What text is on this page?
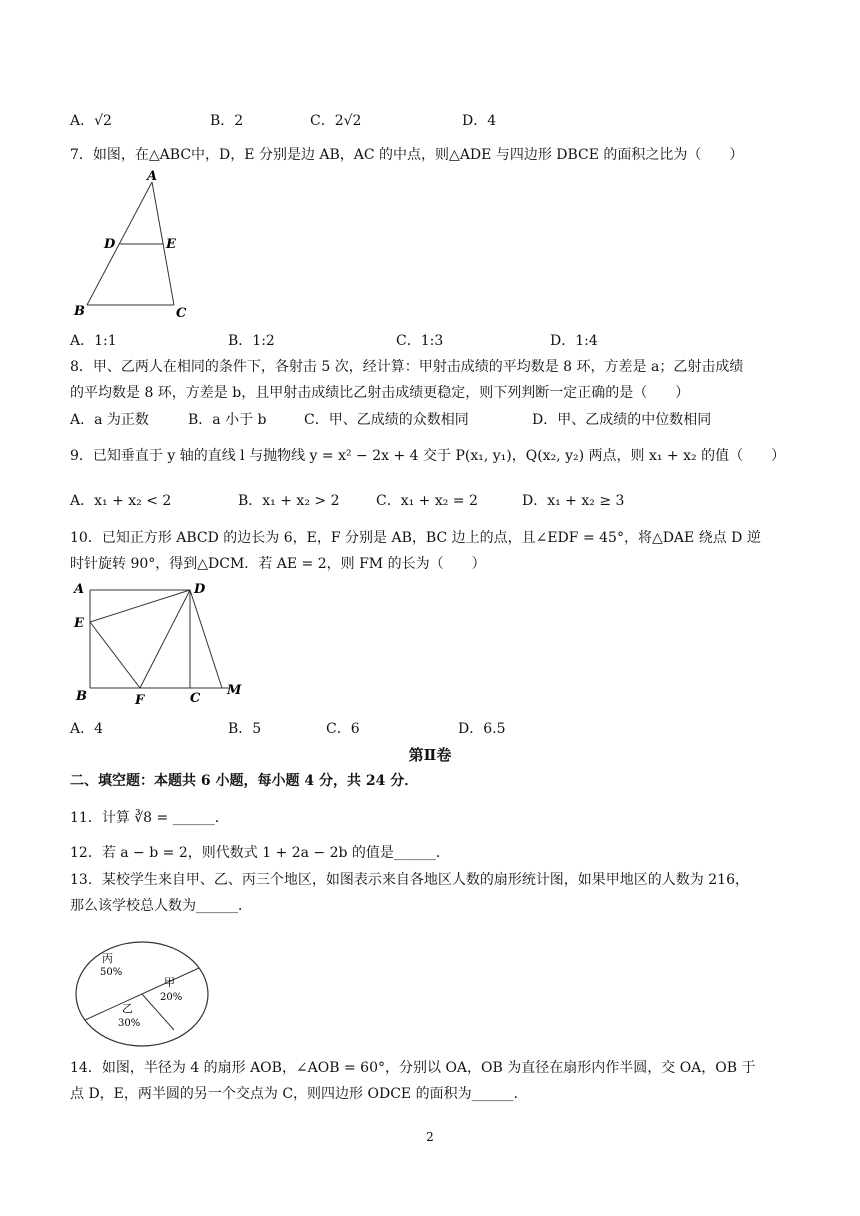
A．√2	B．2	C．2√2	D．4
7．如图，在△ABC中，D，E 分别是边 AB，AC 的中点，则△ADE 与四边形 DBCE 的面积之比为（　　）
A
D	E
B	C
A．1:1	B．1:2	C．1:3	D．1:4
8．甲、乙两人在相同的条件下，各射击 5 次，经计算：甲射击成绩的平均数是 8 环，方差是 a；乙射击成绩
的平均数是 8 环，方差是 b，且甲射击成绩比乙射击成绩更稳定，则下列判断一定正确的是（　　）
A．a 为正数	B．a 小于 b	C．甲、乙成绩的众数相同	D．甲、乙成绩的中位数相同
9．已知垂直于 y 轴的直线 l 与抛物线 y = x² − 2x + 4 交于 P(x₁, y₁)，Q(x₂, y₂) 两点，则 x₁ + x₂ 的值（　　）
A．x₁ + x₂ < 2	B．x₁ + x₂ > 2	C．x₁ + x₂ = 2	D．x₁ + x₂ ≥ 3
10．已知正方形 ABCD 的边长为 6，E，F 分别是 AB，BC 边上的点，且∠EDF = 45°，将△DAE 绕点 D 逆
时针旋转 90°，得到△DCM．若 AE = 2，则 FM 的长为（　　）
A	D
E
B	F	C
M
A．4	B．5	C．6	D．6.5
第Ⅱ卷
二、填空题：本题共 6 小题，每小题 4 分，共 24 分．
11．计算 ∛8 = ______．
12．若 a − b = 2，则代数式 1 + 2a − 2b 的值是______．
13．某校学生来自甲、乙、丙三个地区，如图表示来自各地区人数的扇形统计图，如果甲地区的人数为 216，
那么该学校总人数为______．
丙
50%
甲
20%
乙
30%
14．如图，半径为 4 的扇形 AOB，∠AOB = 60°，分别以 OA，OB 为直径在扇形内作半圆，交 OA，OB 于
点 D，E，两半圆的另一个交点为 C，则四边形 ODCE 的面积为______．
2
